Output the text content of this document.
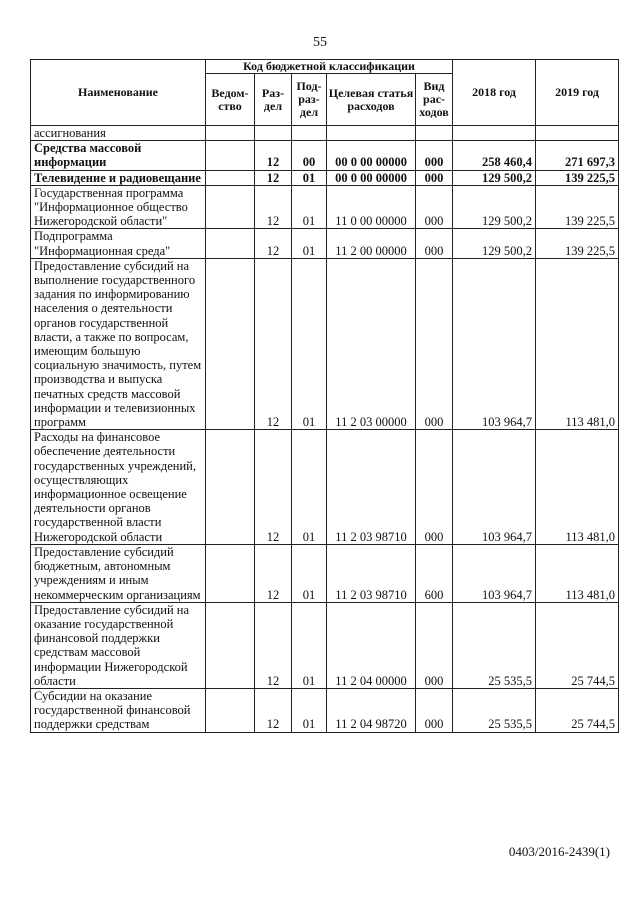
55
Наименование	Код бюджетной классификации					2018 год	2019 год
	Ведом-ство	Раз-дел	Под-раз-дел	Целевая статья расходов	Вид рас-ходов		
ассигнования							
Средства массовой информации		12	00	00 0 00 00000	000	258 460,4	271 697,3
Телевидение и радиовещание		12	01	00 0 00 00000	000	129 500,2	139 225,5
Государственная программа "Информационное общество Нижегородской области"		12	01	11 0 00 00000	000	129 500,2	139 225,5
Подпрограмма "Информационная среда"		12	01	11 2 00 00000	000	129 500,2	139 225,5
Предоставление субсидий на выполнение государственного задания по информированию населения о деятельности органов государственной власти, а также по вопросам, имеющим большую социальную значимость, путем производства и выпуска печатных средств массовой информации и телевизионных программ		12	01	11 2 03 00000	000	103 964,7	113 481,0
Расходы на финансовое обеспечение деятельности государственных учреждений, осуществляющих информационное освещение деятельности органов государственной власти Нижегородской области		12	01	11 2 03 98710	000	103 964,7	113 481,0
Предоставление субсидий бюджетным, автономным учреждениям и иным некоммерческим организациям		12	01	11 2 03 98710	600	103 964,7	113 481,0
Предоставление субсидий на оказание государственной финансовой поддержки средствам массовой информации Нижегородской области		12	01	11 2 04 00000	000	25 535,5	25 744,5
Субсидии на оказание государственной финансовой поддержки средствам		12	01	11 2 04 98720	000	25 535,5	25 744,5
0403/2016-2439(1)
